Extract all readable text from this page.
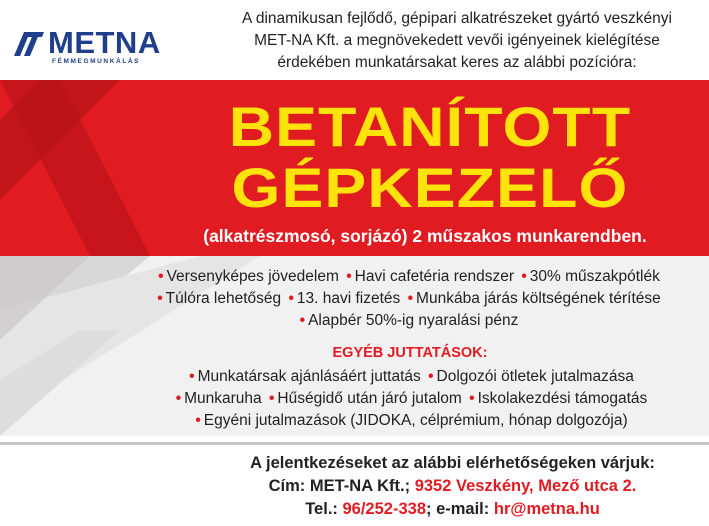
METNA
FÉMMEGMUNKÁLÁS
A dinamikusan fejlődő, gépipari alkatrészeket gyártó veszkényi
MET-NA Kft. a megnövekedett vevői igényeinek kielégítése
érdekében munkatársakat keres az alábbi pozícióra:
BETANÍTOTT
GÉPKEZELŐ
(alkatrészmosó, sorjázó) 2 műszakos munkarendben.
• Versenyképes jövedelem • Havi cafetéria rendszer • 30% műszakpótlék
• Túlóra lehetőség • 13. havi fizetés • Munkába járás költségének térítése
• Alapbér 50%-ig nyaralási pénz
EGYÉB JUTTATÁSOK:
• Munkatársak ajánlásáért juttatás • Dolgozói ötletek jutalmazása
• Munkaruha • Hűségidő után járó jutalom • Iskolakezdési támogatás
• Egyéni jutalmazások (JIDOKA, célprémium, hónap dolgozója)
A jelentkezéseket az alábbi elérhetőségeken várjuk:
Cím: MET-NA Kft.; 9352 Veszkény, Mező utca 2.
Tel.: 96/252-338; e-mail: hr@metna.hu
